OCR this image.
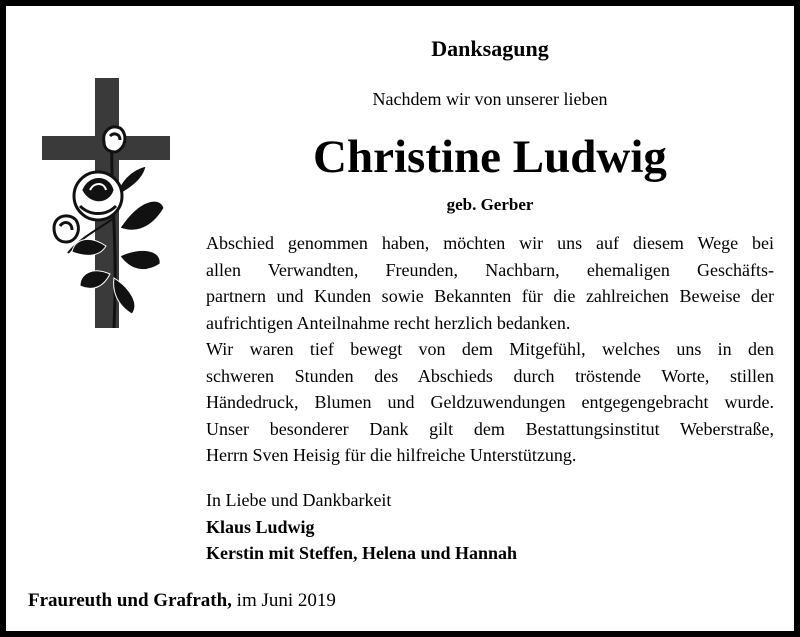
Danksagung
Nachdem wir von unserer lieben
Christine Ludwig
geb. Gerber
Abschied genommen haben, möchten wir uns auf diesem Wege bei
allen Verwandten, Freunden, Nachbarn, ehemaligen Geschäfts-
partnern und Kunden sowie Bekannten für die zahlreichen Beweise der
aufrichtigen Anteilnahme recht herzlich bedanken.
Wir waren tief bewegt von dem Mitgefühl, welches uns in den
schweren Stunden des Abschieds durch tröstende Worte, stillen
Händedruck, Blumen und Geldzuwendungen entgegengebracht wurde.
Unser besonderer Dank gilt dem Bestattungsinstitut Weberstraße,
Herrn Sven Heisig für die hilfreiche Unterstützung.
In Liebe und Dankbarkeit
Klaus Ludwig
Kerstin mit Steffen, Helena und Hannah
Fraureuth und Grafrath, im Juni 2019
